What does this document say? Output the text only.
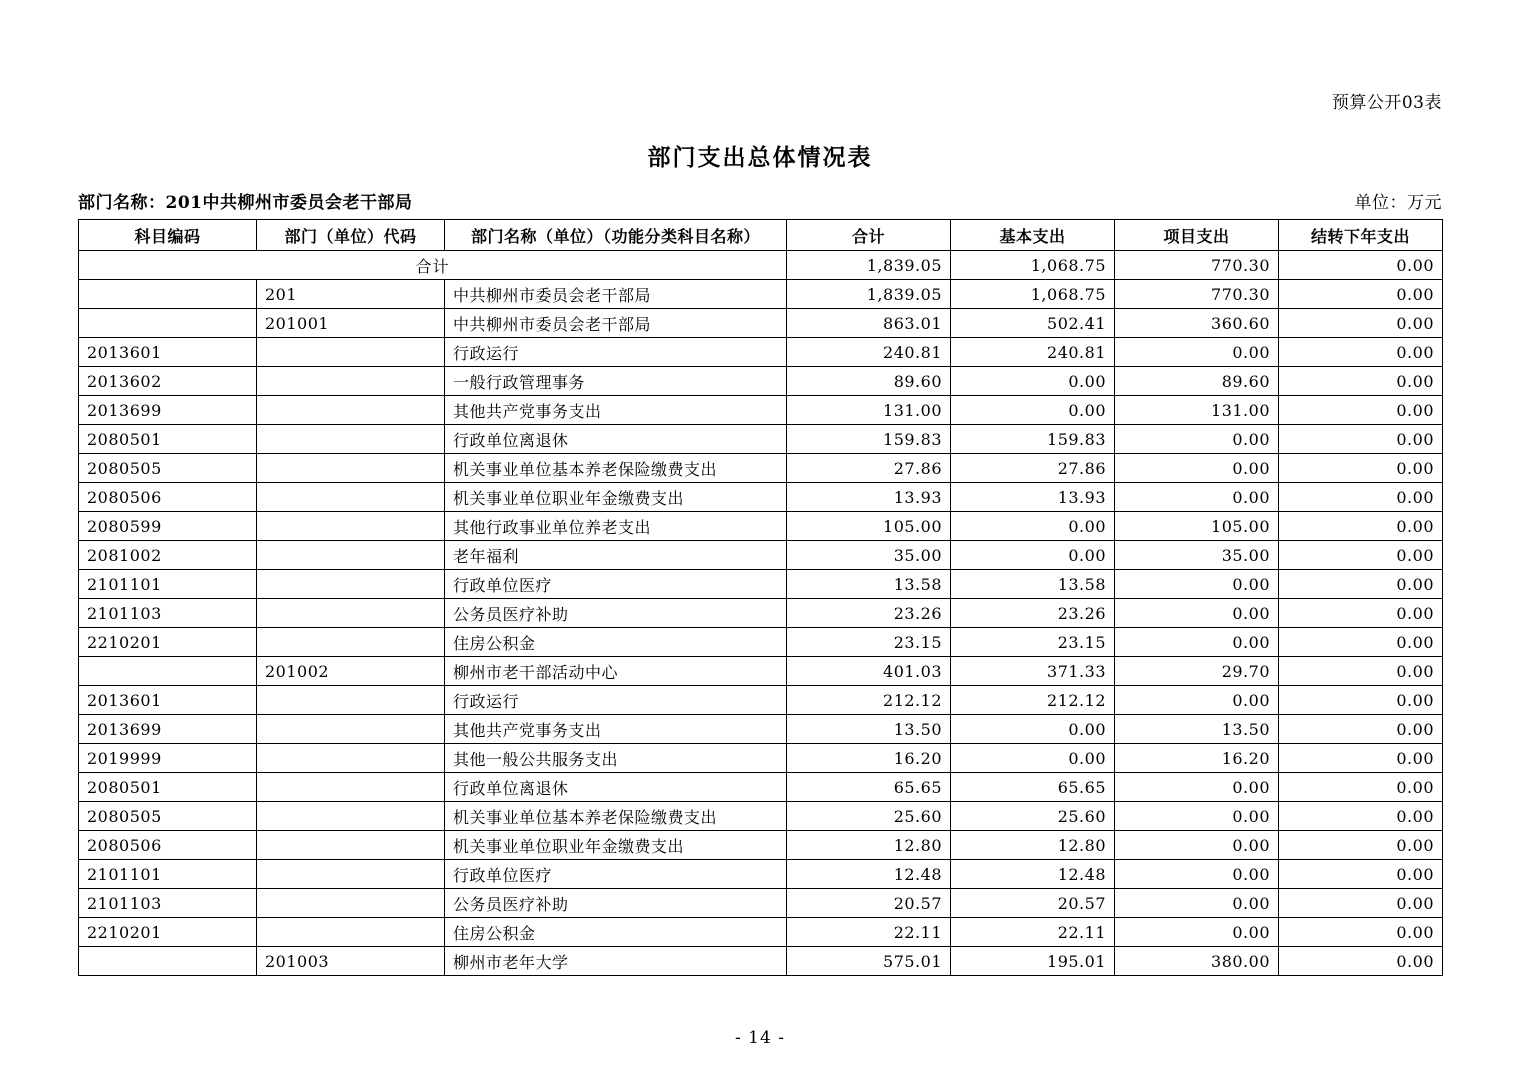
预算公开03表
部门支出总体情况表
部门名称：201中共柳州市委员会老干部局	单位：万元
科目编码	部门（单位）代码	部门名称（单位）（功能分类科目名称）	合计	基本支出	项目支出	结转下年支出
合计			1,839.05	1,068.75	770.30	0.00
	201	中共柳州市委员会老干部局	1,839.05	1,068.75	770.30	0.00
	201001	中共柳州市委员会老干部局	863.01	502.41	360.60	0.00
2013601		行政运行	240.81	240.81	0.00	0.00
2013602		一般行政管理事务	89.60	0.00	89.60	0.00
2013699		其他共产党事务支出	131.00	0.00	131.00	0.00
2080501		行政单位离退休	159.83	159.83	0.00	0.00
2080505		机关事业单位基本养老保险缴费支出	27.86	27.86	0.00	0.00
2080506		机关事业单位职业年金缴费支出	13.93	13.93	0.00	0.00
2080599		其他行政事业单位养老支出	105.00	0.00	105.00	0.00
2081002		老年福利	35.00	0.00	35.00	0.00
2101101		行政单位医疗	13.58	13.58	0.00	0.00
2101103		公务员医疗补助	23.26	23.26	0.00	0.00
2210201		住房公积金	23.15	23.15	0.00	0.00
	201002	柳州市老干部活动中心	401.03	371.33	29.70	0.00
2013601		行政运行	212.12	212.12	0.00	0.00
2013699		其他共产党事务支出	13.50	0.00	13.50	0.00
2019999		其他一般公共服务支出	16.20	0.00	16.20	0.00
2080501		行政单位离退休	65.65	65.65	0.00	0.00
2080505		机关事业单位基本养老保险缴费支出	25.60	25.60	0.00	0.00
2080506		机关事业单位职业年金缴费支出	12.80	12.80	0.00	0.00
2101101		行政单位医疗	12.48	12.48	0.00	0.00
2101103		公务员医疗补助	20.57	20.57	0.00	0.00
2210201		住房公积金	22.11	22.11	0.00	0.00
	201003	柳州市老年大学	575.01	195.01	380.00	0.00
- 14 -
